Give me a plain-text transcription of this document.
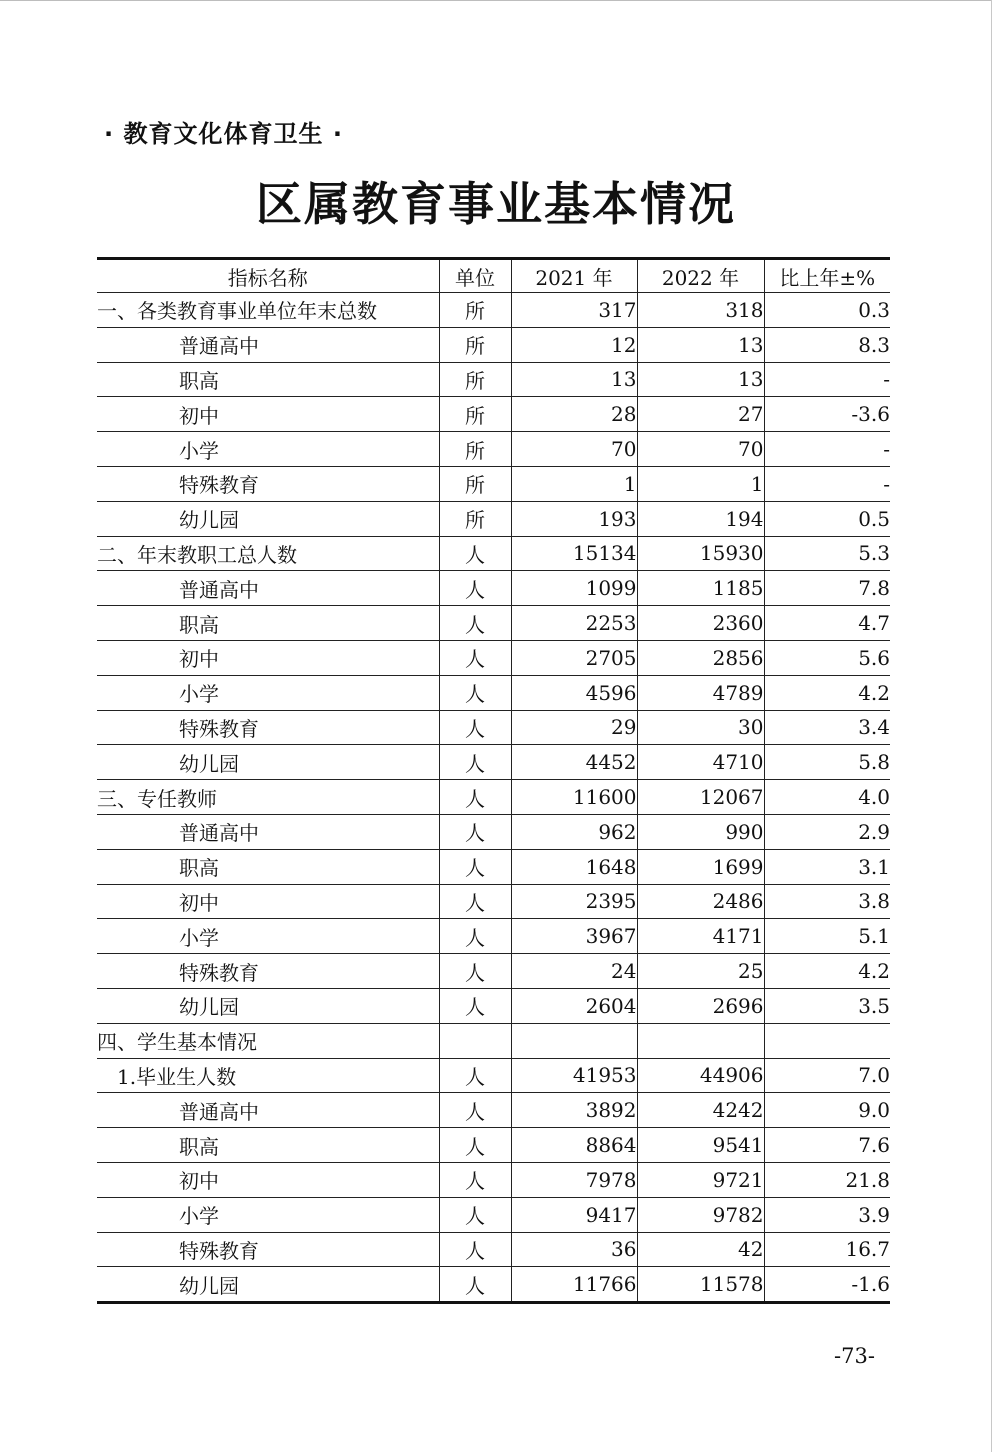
· 教育文化体育卫生 ·
区属教育事业基本情况
指标名称	单位	2021 年	2022 年	比上年±%
一、各类教育事业单位年末总数	所	317	318	0.3
普通高中	所	12	13	8.3
职高	所	13	13	-
初中	所	28	27	-3.6
小学	所	70	70	-
特殊教育	所	1	1	-
幼儿园	所	193	194	0.5
二、年末教职工总人数	人	15134	15930	5.3
普通高中	人	1099	1185	7.8
职高	人	2253	2360	4.7
初中	人	2705	2856	5.6
小学	人	4596	4789	4.2
特殊教育	人	29	30	3.4
幼儿园	人	4452	4710	5.8
三、专任教师	人	11600	12067	4.0
普通高中	人	962	990	2.9
职高	人	1648	1699	3.1
初中	人	2395	2486	3.8
小学	人	3967	4171	5.1
特殊教育	人	24	25	4.2
幼儿园	人	2604	2696	3.5
四、学生基本情况				
　1.毕业生人数	人	41953	44906	7.0
普通高中	人	3892	4242	9.0
职高	人	8864	9541	7.6
初中	人	7978	9721	21.8
小学	人	9417	9782	3.9
特殊教育	人	36	42	16.7
幼儿园	人	11766	11578	-1.6
-73-
